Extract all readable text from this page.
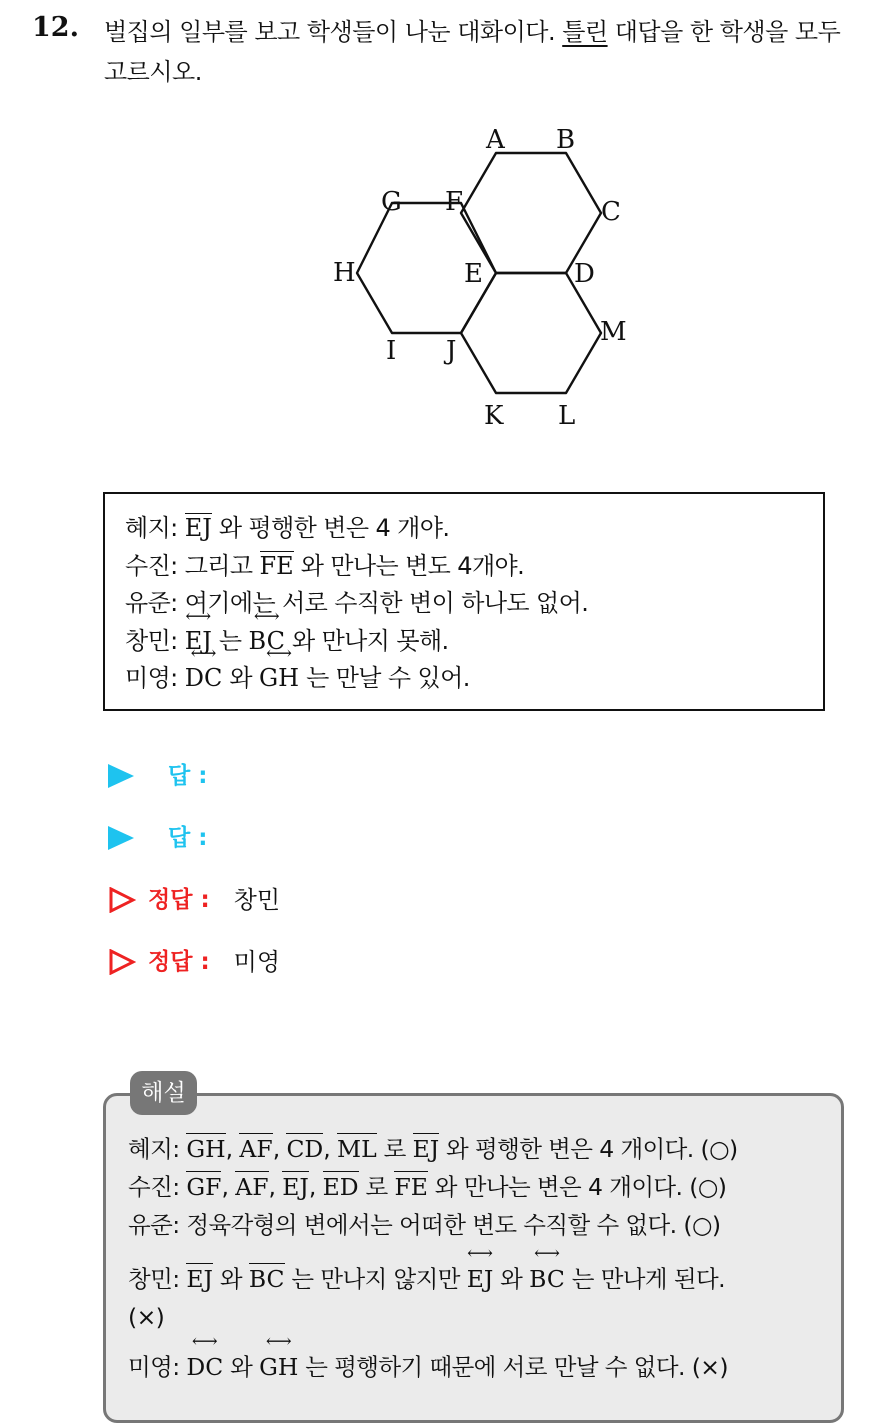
12. 벌집의 일부를 보고 학생들이 나눈 대화이다. 틀린 대답을 한 학생을 모두 고르시오.
A B
C
D
E
F
G
H
I J
K L
M
혜지: EJ 와 평행한 변은 4 개야.
수진: 그리고 FE 와 만나는 변도 4개야.
유준: 여기에는 서로 수직한 변이 하나도 없어.
창민: ⟷ EJ 는 ⟷ BC 와 만나지 못해.
미영: ⟷ DC 와 ⟷ GH 는 만날 수 있어.
답 :
답 :
정답 : 창민
정답 : 미영
혜지: GH, AF, CD, ML 로 EJ 와 평행한 변은 4 개이다. (○)
수진: GF, AF, EJ, ED 로 FE 와 만나는 변은 4 개이다. (○)
유준: 정육각형의 변에서는 어떠한 변도 수직할 수 없다. (○)
창민: EJ 와 BC 는 만나지 않지만 ⟷ EJ 와 ⟷ BC 는 만나게 된다.
(×)
미영: ⟷ DC 와 ⟷ GH 는 평행하기 때문에 서로 만날 수 없다. (×)
해설
